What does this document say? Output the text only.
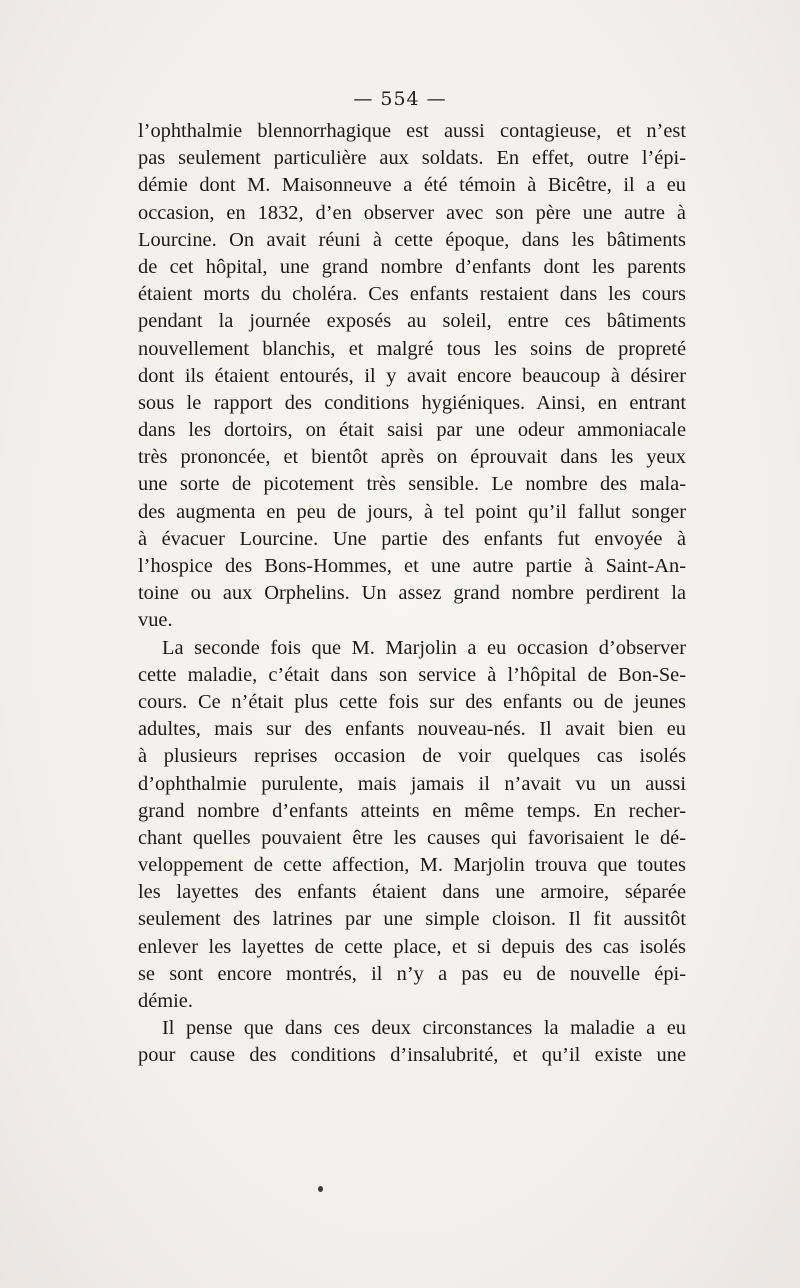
— 554 —
l’ophthalmie blennorrhagique est aussi contagieuse, et n’est
pas seulement particulière aux soldats. En effet, outre l’épi-
démie dont M. Maisonneuve a été témoin à Bicêtre, il a eu
occasion, en 1832, d’en observer avec son père une autre à
Lourcine. On avait réuni à cette époque, dans les bâtiments
de cet hôpital, une grand nombre d’enfants dont les parents
étaient morts du choléra. Ces enfants restaient dans les cours
pendant la journée exposés au soleil, entre ces bâtiments
nouvellement blanchis, et malgré tous les soins de propreté
dont ils étaient entourés, il y avait encore beaucoup à désirer
sous le rapport des conditions hygiéniques. Ainsi, en entrant
dans les dortoirs, on était saisi par une odeur ammoniacale
très prononcée, et bientôt après on éprouvait dans les yeux
une sorte de picotement très sensible. Le nombre des mala-
des augmenta en peu de jours, à tel point qu’il fallut songer
à évacuer Lourcine. Une partie des enfants fut envoyée à
l’hospice des Bons-Hommes, et une autre partie à Saint-An-
toine ou aux Orphelins. Un assez grand nombre perdirent la
vue.
La seconde fois que M. Marjolin a eu occasion d’observer
cette maladie, c’était dans son service à l’hôpital de Bon-Se-
cours. Ce n’était plus cette fois sur des enfants ou de jeunes
adultes, mais sur des enfants nouveau-nés. Il avait bien eu
à plusieurs reprises occasion de voir quelques cas isolés
d’ophthalmie purulente, mais jamais il n’avait vu un aussi
grand nombre d’enfants atteints en même temps. En recher-
chant quelles pouvaient être les causes qui favorisaient le dé-
veloppement de cette affection, M. Marjolin trouva que toutes
les layettes des enfants étaient dans une armoire, séparée
seulement des latrines par une simple cloison. Il fit aussitôt
enlever les layettes de cette place, et si depuis des cas isolés
se sont encore montrés, il n’y a pas eu de nouvelle épi-
démie.
Il pense que dans ces deux circonstances la maladie a eu
pour cause des conditions d’insalubrité, et qu’il existe une
